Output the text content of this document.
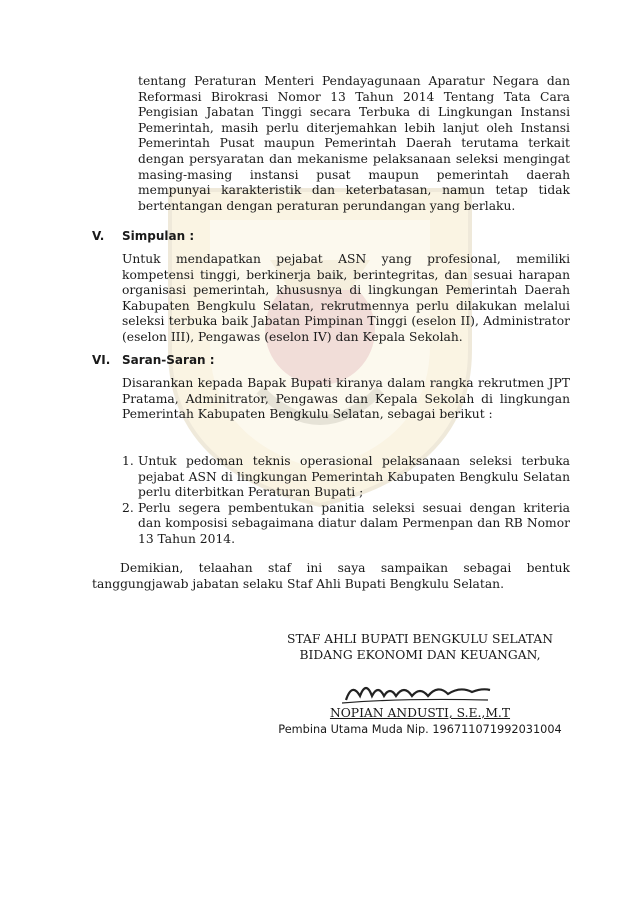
tentang Peraturan Menteri Pendayagunaan Aparatur Negara dan Reformasi Birokrasi Nomor 13 Tahun 2014 Tentang Tata Cara Pengisian Jabatan Tinggi secara Terbuka di Lingkungan Instansi Pemerintah, masih perlu diterjemahkan lebih lanjut oleh Instansi Pemerintah Pusat maupun Pemerintah Daerah terutama terkait dengan persyaratan dan mekanisme pelaksanaan seleksi mengingat masing-masing instansi pusat maupun pemerintah daerah mempunyai karakteristik dan keterbatasan, namun tetap tidak bertentangan dengan peraturan perundangan yang berlaku.

V. Simpulan :

Untuk mendapatkan pejabat ASN yang profesional, memiliki kompetensi tinggi, berkinerja baik, berintegritas, dan sesuai harapan organisasi pemerintah, khususnya di lingkungan Pemerintah Daerah Kabupaten Bengkulu Selatan, rekrutmennya perlu dilakukan melalui seleksi terbuka baik Jabatan Pimpinan Tinggi (eselon II), Administrator (eselon III), Pengawas (eselon IV) dan Kepala Sekolah.

VI. Saran-Saran :

Disarankan kepada Bapak Bupati kiranya dalam rangka rekrutmen JPT Pratama, Adminitrator, Pengawas dan Kepala Sekolah di lingkungan Pemerintah Kabupaten Bengkulu Selatan, sebagai berikut :

1. Untuk pedoman teknis operasional pelaksanaan seleksi terbuka pejabat ASN di lingkungan Pemerintah Kabupaten Bengkulu Selatan perlu diterbitkan Peraturan Bupati ;
2. Perlu segera pembentukan panitia seleksi sesuai dengan kriteria dan komposisi sebagaimana diatur dalam Permenpan dan RB Nomor 13 Tahun 2014.

Demikian, telaahan staf ini saya sampaikan sebagai bentuk tanggungjawab jabatan selaku Staf Ahli Bupati Bengkulu Selatan.

STAF AHLI BUPATI BENGKULU SELATAN
BIDANG EKONOMI DAN KEUANGAN,
NOPIAN ANDUSTI, S.E.,M.T
Pembina Utama Muda Nip. 196711071992031004
